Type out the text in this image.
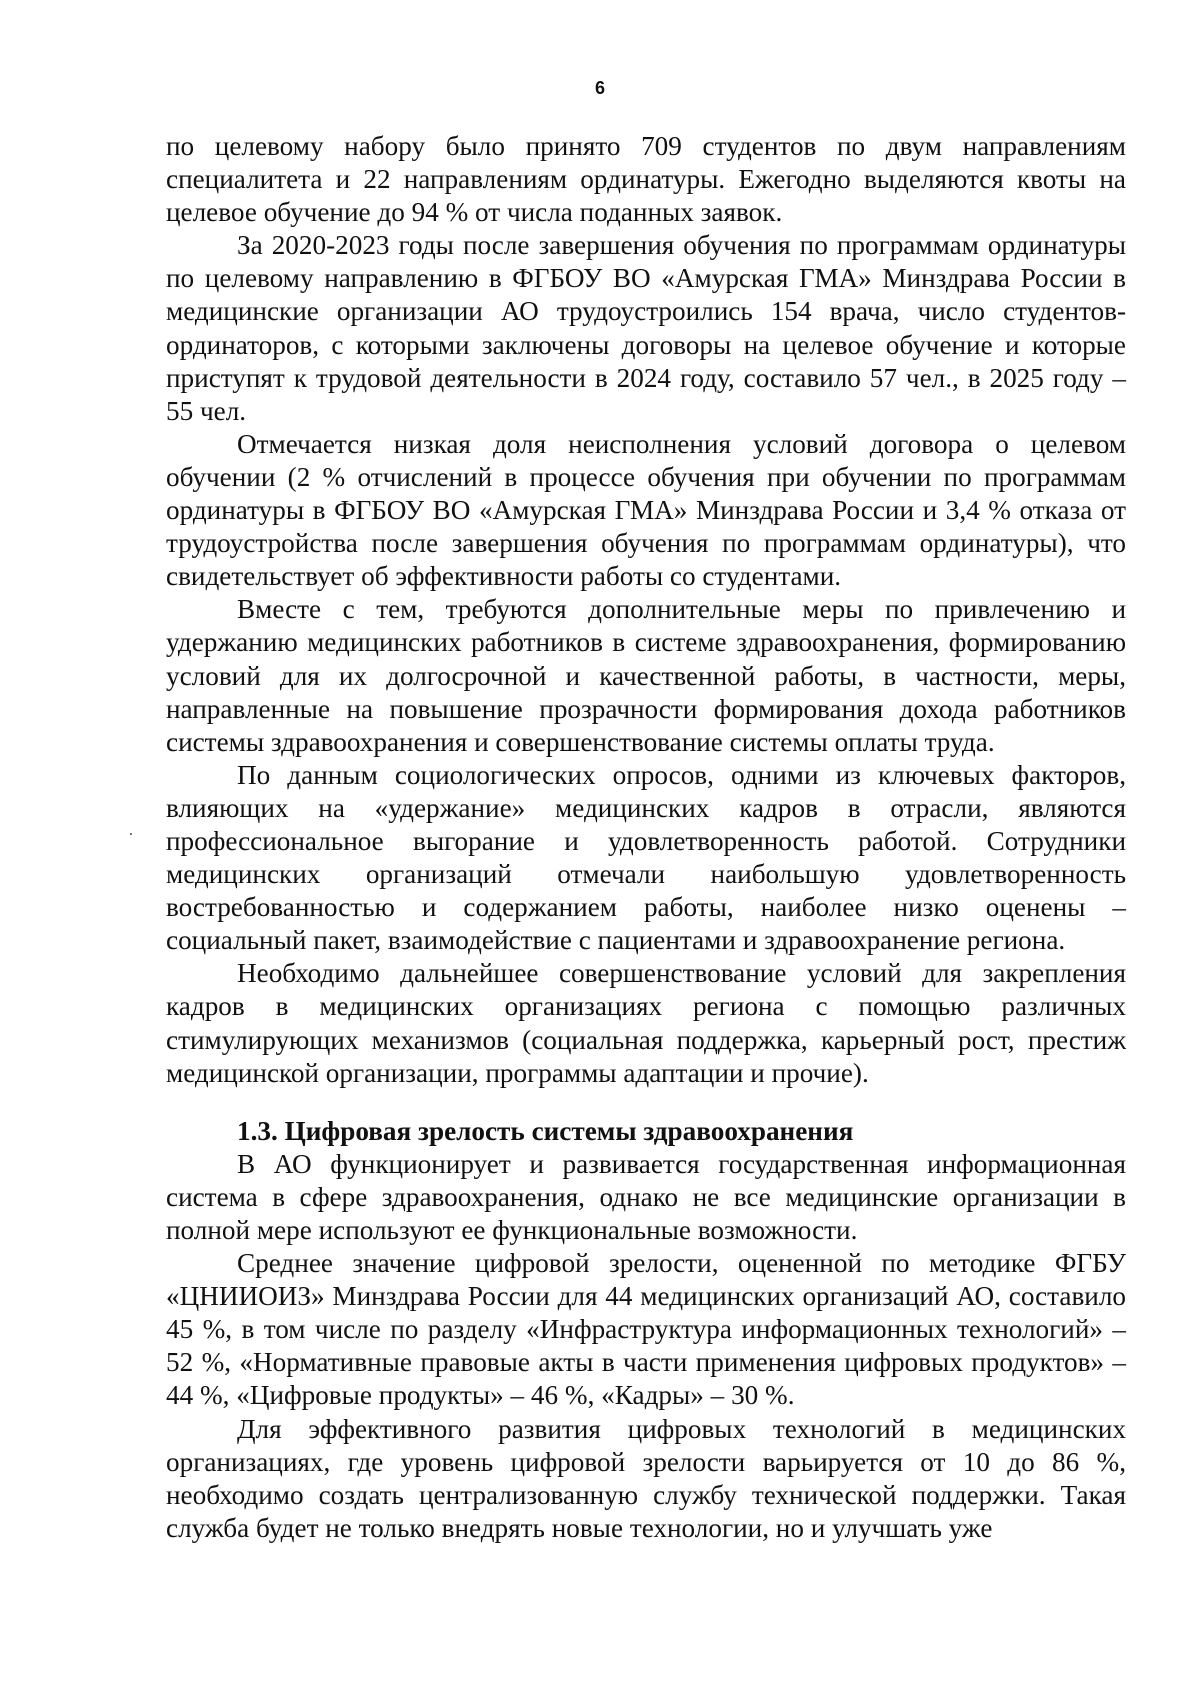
6

по целевому набору было принято 709 студентов по двум направлениям специалитета и 22 направлениям ординатуры. Ежегодно выделяются квоты на целевое обучение до 94 % от числа поданных заявок.

За 2020-2023 годы после завершения обучения по программам ординатуры по целевому направлению в ФГБОУ ВО «Амурская ГМА» Минздрава России в медицинские организации АО трудоустроились 154 врача, число студентов-ординаторов, с которыми заключены договоры на целевое обучение и которые приступят к трудовой деятельности в 2024 году, составило 57 чел., в 2025 году – 55 чел.

Отмечается низкая доля неисполнения условий договора о целевом обучении (2 % отчислений в процессе обучения при обучении по программам ординатуры в ФГБОУ ВО «Амурская ГМА» Минздрава России и 3,4 % отказа от трудоустройства после завершения обучения по программам ординатуры), что свидетельствует об эффективности работы со студентами.

Вместе с тем, требуются дополнительные меры по привлечению и удержанию медицинских работников в системе здравоохранения, формированию условий для их долгосрочной и качественной работы, в частности, меры, направленные на повышение прозрачности формирования дохода работников системы здравоохранения и совершенствование системы оплаты труда.

По данным социологических опросов, одними из ключевых факторов, влияющих на «удержание» медицинских кадров в отрасли, являются профессиональное выгорание и удовлетворенность работой. Сотрудники медицинских организаций отмечали наибольшую удовлетворенность востребованностью и содержанием работы, наиболее низко оценены – социальный пакет, взаимодействие с пациентами и здравоохранение региона.

Необходимо дальнейшее совершенствование условий для закрепления кадров в медицинских организациях региона с помощью различных стимулирующих механизмов (социальная поддержка, карьерный рост, престиж медицинской организации, программы адаптации и прочие).

1.3. Цифровая зрелость системы здравоохранения

В АО функционирует и развивается государственная информационная система в сфере здравоохранения, однако не все медицинские организации в полной мере используют ее функциональные возможности.

Среднее значение цифровой зрелости, оцененной по методике ФГБУ «ЦНИИОИЗ» Минздрава России для 44 медицинских организаций АО, составило 45 %, в том числе по разделу «Инфраструктура информационных технологий» – 52 %, «Нормативные правовые акты в части применения цифровых продуктов» – 44 %, «Цифровые продукты» – 46 %, «Кадры» – 30 %.

Для эффективного развития цифровых технологий в медицинских организациях, где уровень цифровой зрелости варьируется от 10 до 86 %, необходимо создать централизованную службу технической поддержки. Такая служба будет не только внедрять новые технологии, но и улучшать уже
